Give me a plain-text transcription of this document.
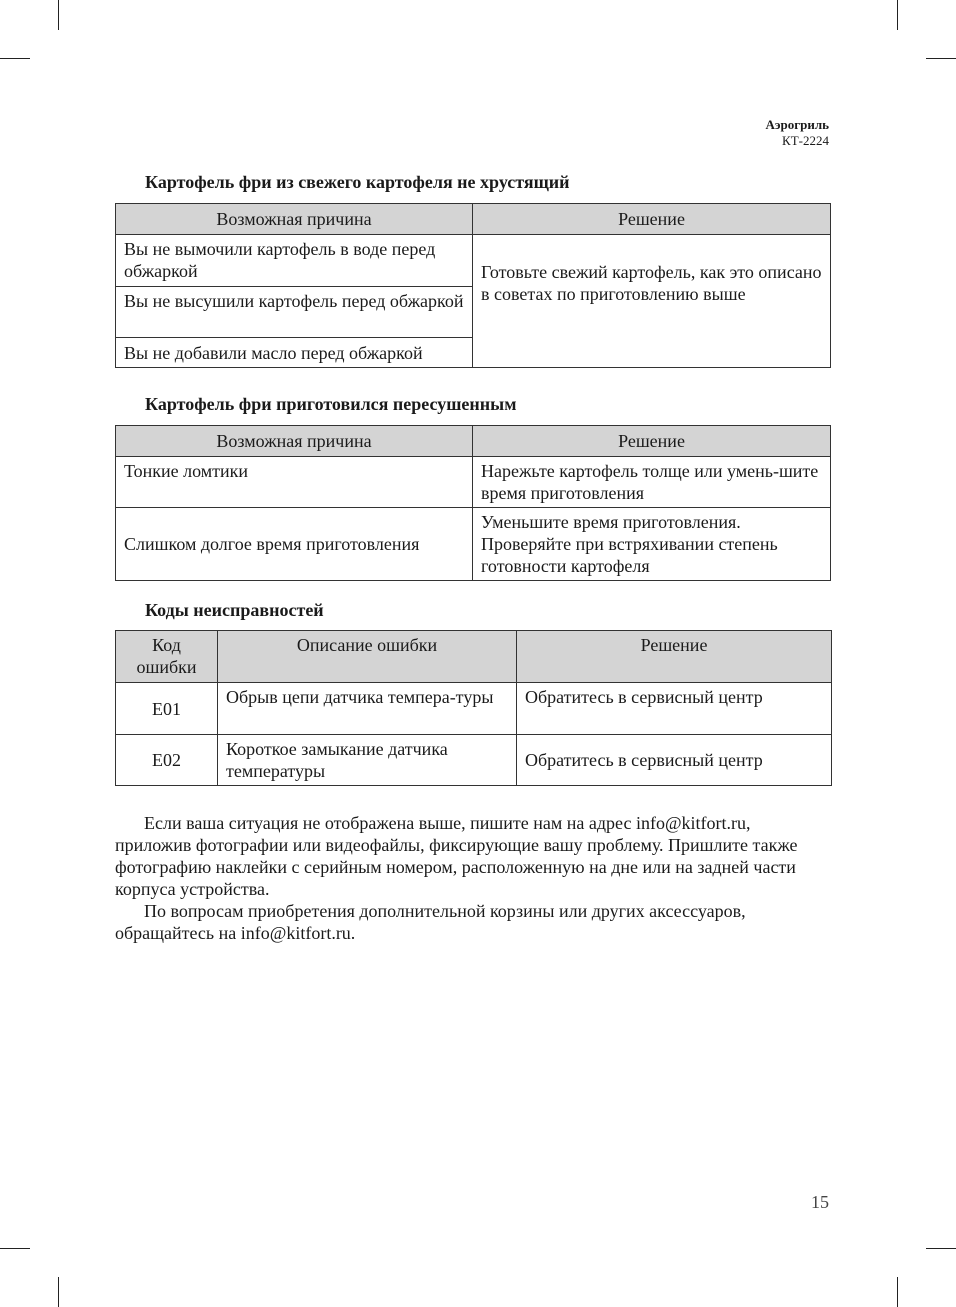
Аэрогриль
КТ-2224
Картофель фри из свежего картофеля не хрустящий
Возможная причина	Решение
Вы не вымочили картофель в воде перед обжаркой	Готовьте свежий картофель, как это описано в советах по приготовлению выше
Вы не высушили картофель перед обжаркой	
Вы не добавили масло перед обжаркой	
Картофель фри приготовился пересушенным
Возможная причина	Решение
Тонкие ломтики	Нарежьте картофель толще или умень-шите время приготовления
Слишком долгое время приготовления	Уменьшите время приготовления. Проверяйте при встряхивании степень готовности картофеля
Коды неисправностей
Код ошибки	Описание ошибки	Решение
E01	Обрыв цепи датчика темпера-туры	Обратитесь в сервисный центр
E02	Короткое замыкание датчика температуры	Обратитесь в сервисный центр

Если ваша ситуация не отображена выше, пишите нам на адрес info@kitfort.ru, приложив фотографии или видеофайлы, фиксирующие вашу проблему. Пришлите также фотографию наклейки с серийным номером, расположенную на дне или на задней части корпуса устройства.

По вопросам приобретения дополнительной корзины или других аксессуаров, обращайтесь на info@kitfort.ru.

15
